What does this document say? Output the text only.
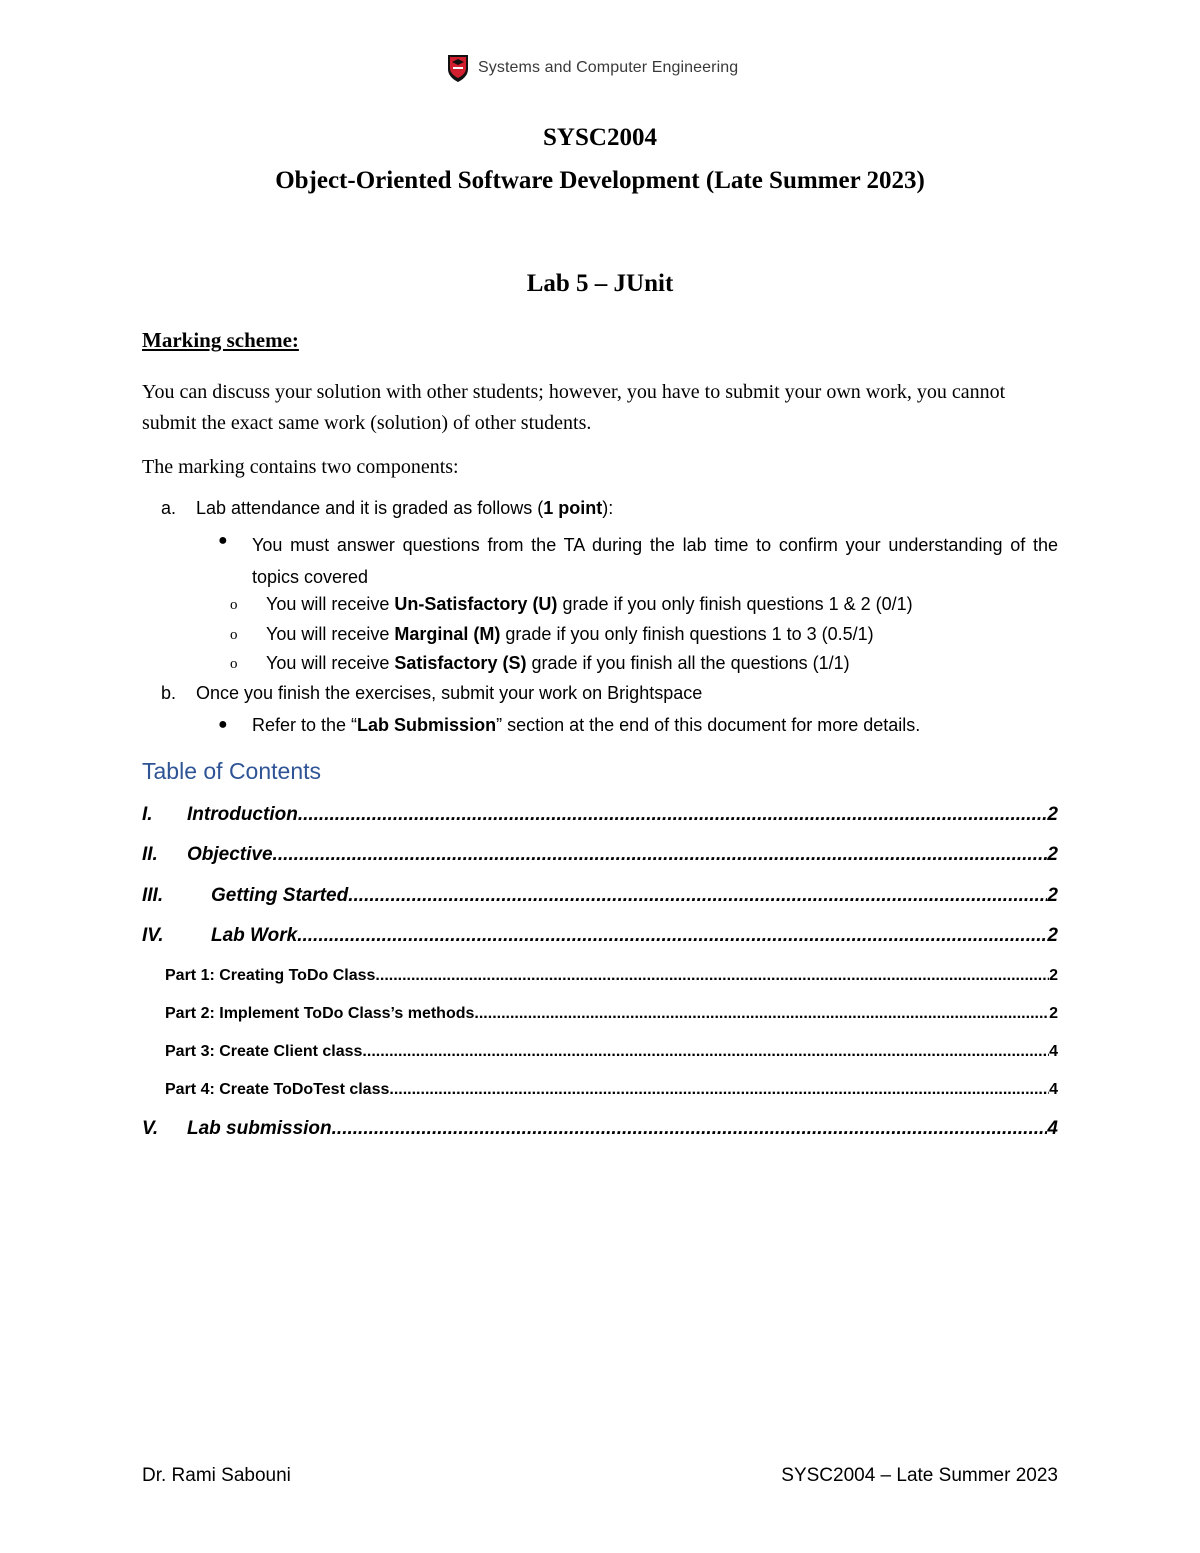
Systems and Computer Engineering
SYSC2004
Object-Oriented Software Development (Late Summer 2023)
Lab 5 – JUnit
Marking scheme:
You can discuss your solution with other students; however, you have to submit your own work, you cannot submit the exact same work (solution) of other students.
The marking contains two components:
a. Lab attendance and it is graded as follows (1 point):
● You must answer questions from the TA during the lab time to confirm your understanding of the topics covered
o You will receive Un-Satisfactory (U) grade if you only finish questions 1 & 2 (0/1)
o You will receive Marginal (M) grade if you only finish questions 1 to 3 (0.5/1)
o You will receive Satisfactory (S) grade if you finish all the questions (1/1)
b. Once you finish the exercises, submit your work on Brightspace
● Refer to the “Lab Submission” section at the end of this document for more details.
Table of Contents
I.	Introduction .....	2
II.	Objective .....	2
III.	Getting Started .....	2
IV.	Lab Work .....	2
Part 1: Creating ToDo Class .....	2
Part 2: Implement ToDo Class’s methods .....	2
Part 3: Create Client class. .....	4
Part 4: Create ToDoTest class. .....	4
V.	Lab submission .....	4
Dr. Rami Sabouni	SYSC2004 – Late Summer 2023
